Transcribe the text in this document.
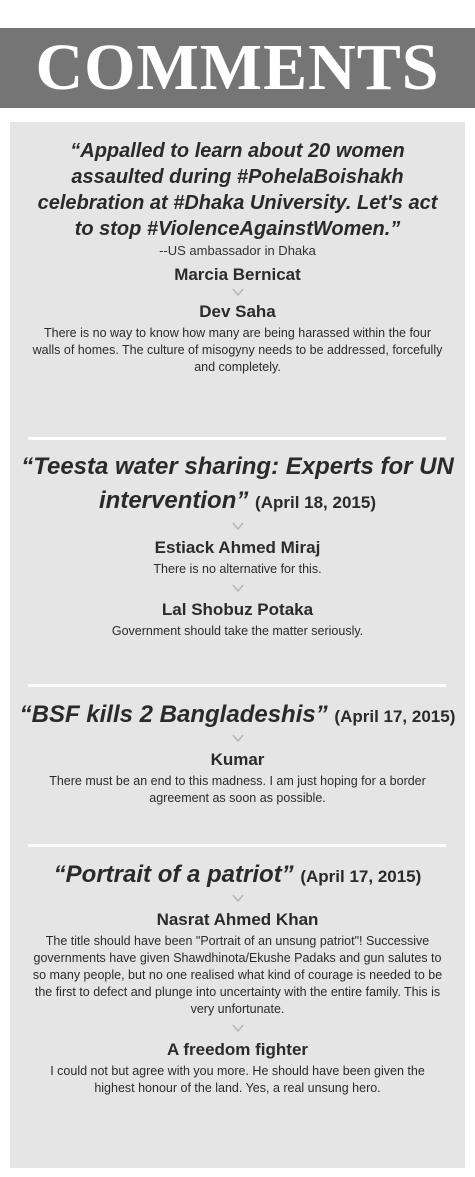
COMMENTS
“Appalled to learn about 20 women assaulted during #PohelaBoishakh celebration at #Dhaka University. Let's act to stop #ViolenceAgainstWomen.”
--US ambassador in Dhaka
Marcia Bernicat
Dev Saha
There is no way to know how many are being harassed within the four walls of homes. The culture of misogyny needs to be addressed, forcefully and completely.
“Teesta water sharing: Experts for UN intervention” (April 18, 2015)
Estiack Ahmed Miraj
There is no alternative for this.
Lal Shobuz Potaka
Government should take the matter seriously.
“BSF kills 2 Bangladeshis” (April 17, 2015)
Kumar
There must be an end to this madness. I am just hoping for a border agreement as soon as possible.
“Portrait of a patriot” (April 17, 2015)
Nasrat Ahmed Khan
The title should have been "Portrait of an unsung patriot"! Successive governments have given Shawdhinota/Ekushe Padaks and gun salutes to so many people, but no one realised what kind of courage is needed to be the first to defect and plunge into uncertainty with the entire family. This is very unfortunate.
A freedom fighter
I could not but agree with you more. He should have been given the highest honour of the land. Yes, a real unsung hero.
